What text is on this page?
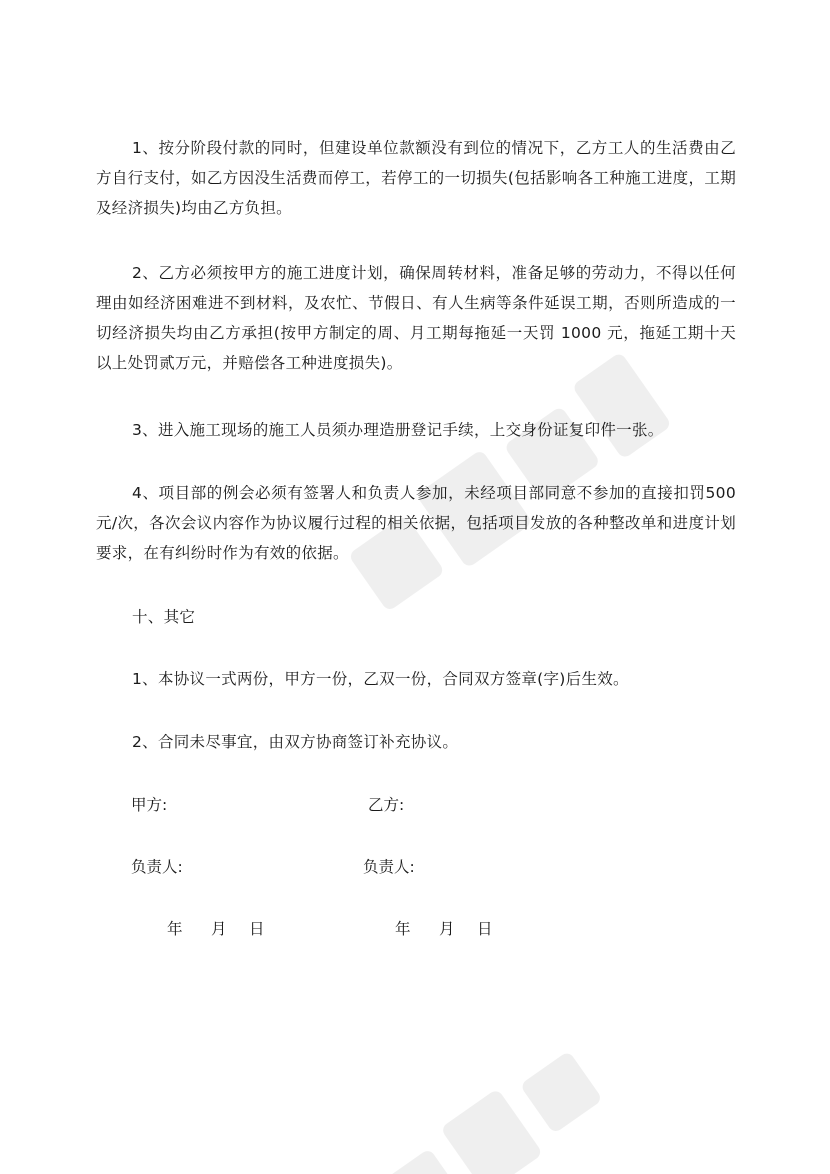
1、按分阶段付款的同时，但建设单位款额没有到位的情况下，乙方工人的生活费由乙方自行支付，如乙方因没生活费而停工，若停工的一切损失(包括影响各工种施工进度，工期及经济损失)均由乙方负担。

2、乙方必须按甲方的施工进度计划，确保周转材料，准备足够的劳动力，不得以任何理由如经济困难进不到材料，及农忙、节假日、有人生病等条件延误工期，否则所造成的一切经济损失均由乙方承担(按甲方制定的周、月工期每拖延一天罚 1000 元，拖延工期十天以上处罚贰万元，并赔偿各工种进度损失)。

3、进入施工现场的施工人员须办理造册登记手续，上交身份证复印件一张。

4、项目部的例会必须有签署人和负责人参加，未经项目部同意不参加的直接扣罚500 元/次，各次会议内容作为协议履行过程的相关依据，包括项目发放的各种整改单和进度计划要求，在有纠纷时作为有效的依据。

十、其它

1、本协议一式两份，甲方一份，乙双一份，合同双方签章(字)后生效。

2、合同未尽事宜，由双方协商签订补充协议。

甲方:	乙方:

负责人:	负责人:

年	月	日	年	月	日
